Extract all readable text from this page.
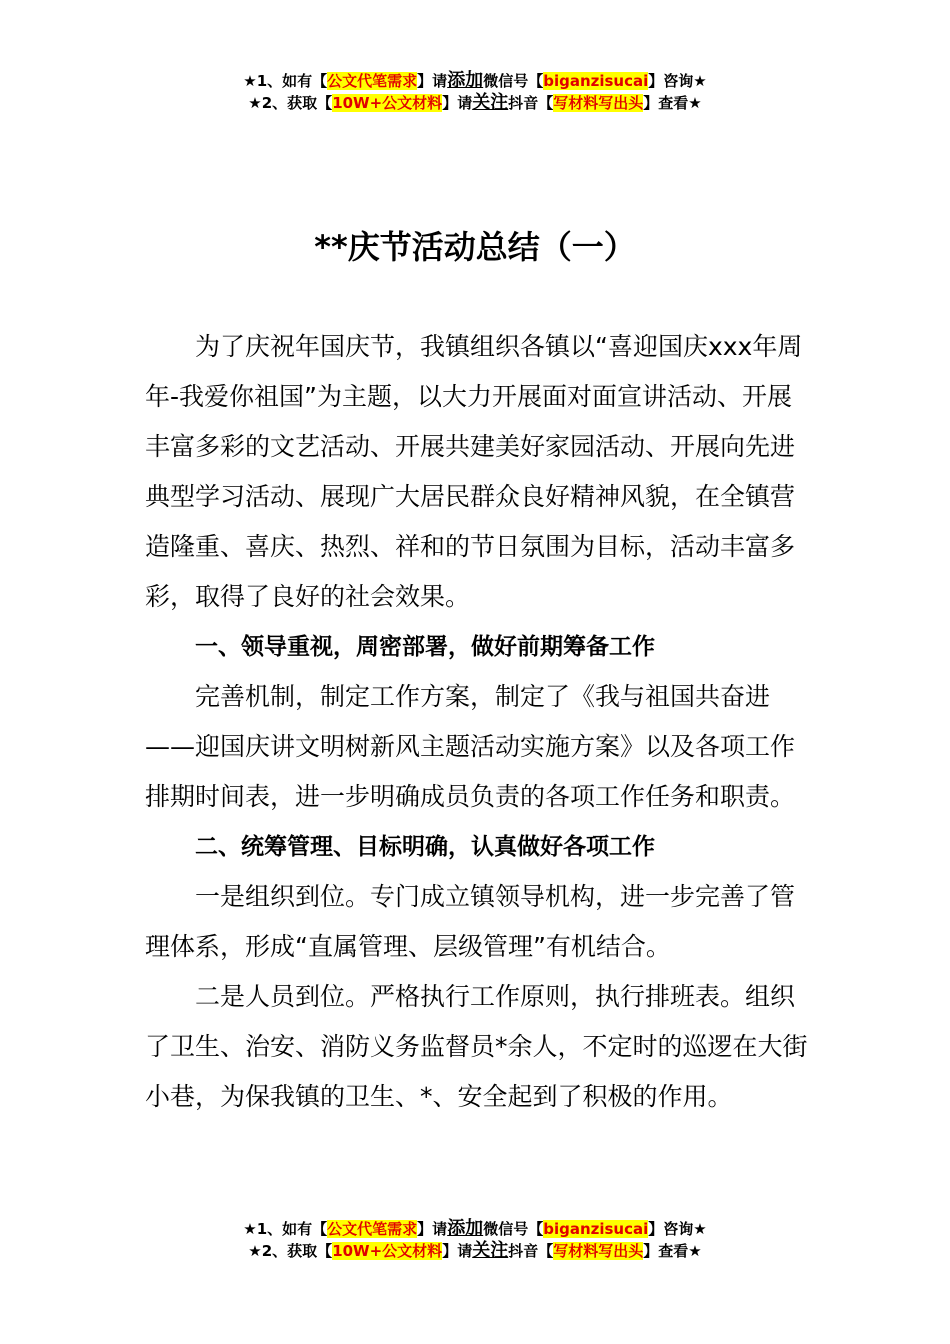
★1、如有【公文代笔需求】请添加微信号【biganzisucai】咨询★
★2、获取【10W+公文材料】请关注抖音【写材料写出头】查看★
**庆节活动总结（一）

为了庆祝年国庆节，我镇组织各镇以“喜迎国庆xxx年周年-我爱你祖国”为主题，以大力开展面对面宣讲活动、开展丰富多彩的文艺活动、开展共建美好家园活动、开展向先进典型学习活动、展现广大居民群众良好精神风貌，在全镇营造隆重、喜庆、热烈、祥和的节日氛围为目标，活动丰富多彩，取得了良好的社会效果。

一、领导重视，周密部署，做好前期筹备工作

完善机制，制定工作方案，制定了《我与祖国共奋进——迎国庆讲文明树新风主题活动实施方案》以及各项工作排期时间表，进一步明确成员负责的各项工作任务和职责。

二、统筹管理、目标明确，认真做好各项工作

一是组织到位。专门成立镇领导机构，进一步完善了管理体系，形成“直属管理、层级管理”有机结合。

二是人员到位。严格执行工作原则，执行排班表。组织了卫生、治安、消防义务监督员*余人，不定时的巡逻在大街小巷，为保我镇的卫生、*、安全起到了积极的作用。

★1、如有【公文代笔需求】请添加微信号【biganzisucai】咨询★
★2、获取【10W+公文材料】请关注抖音【写材料写出头】查看★
